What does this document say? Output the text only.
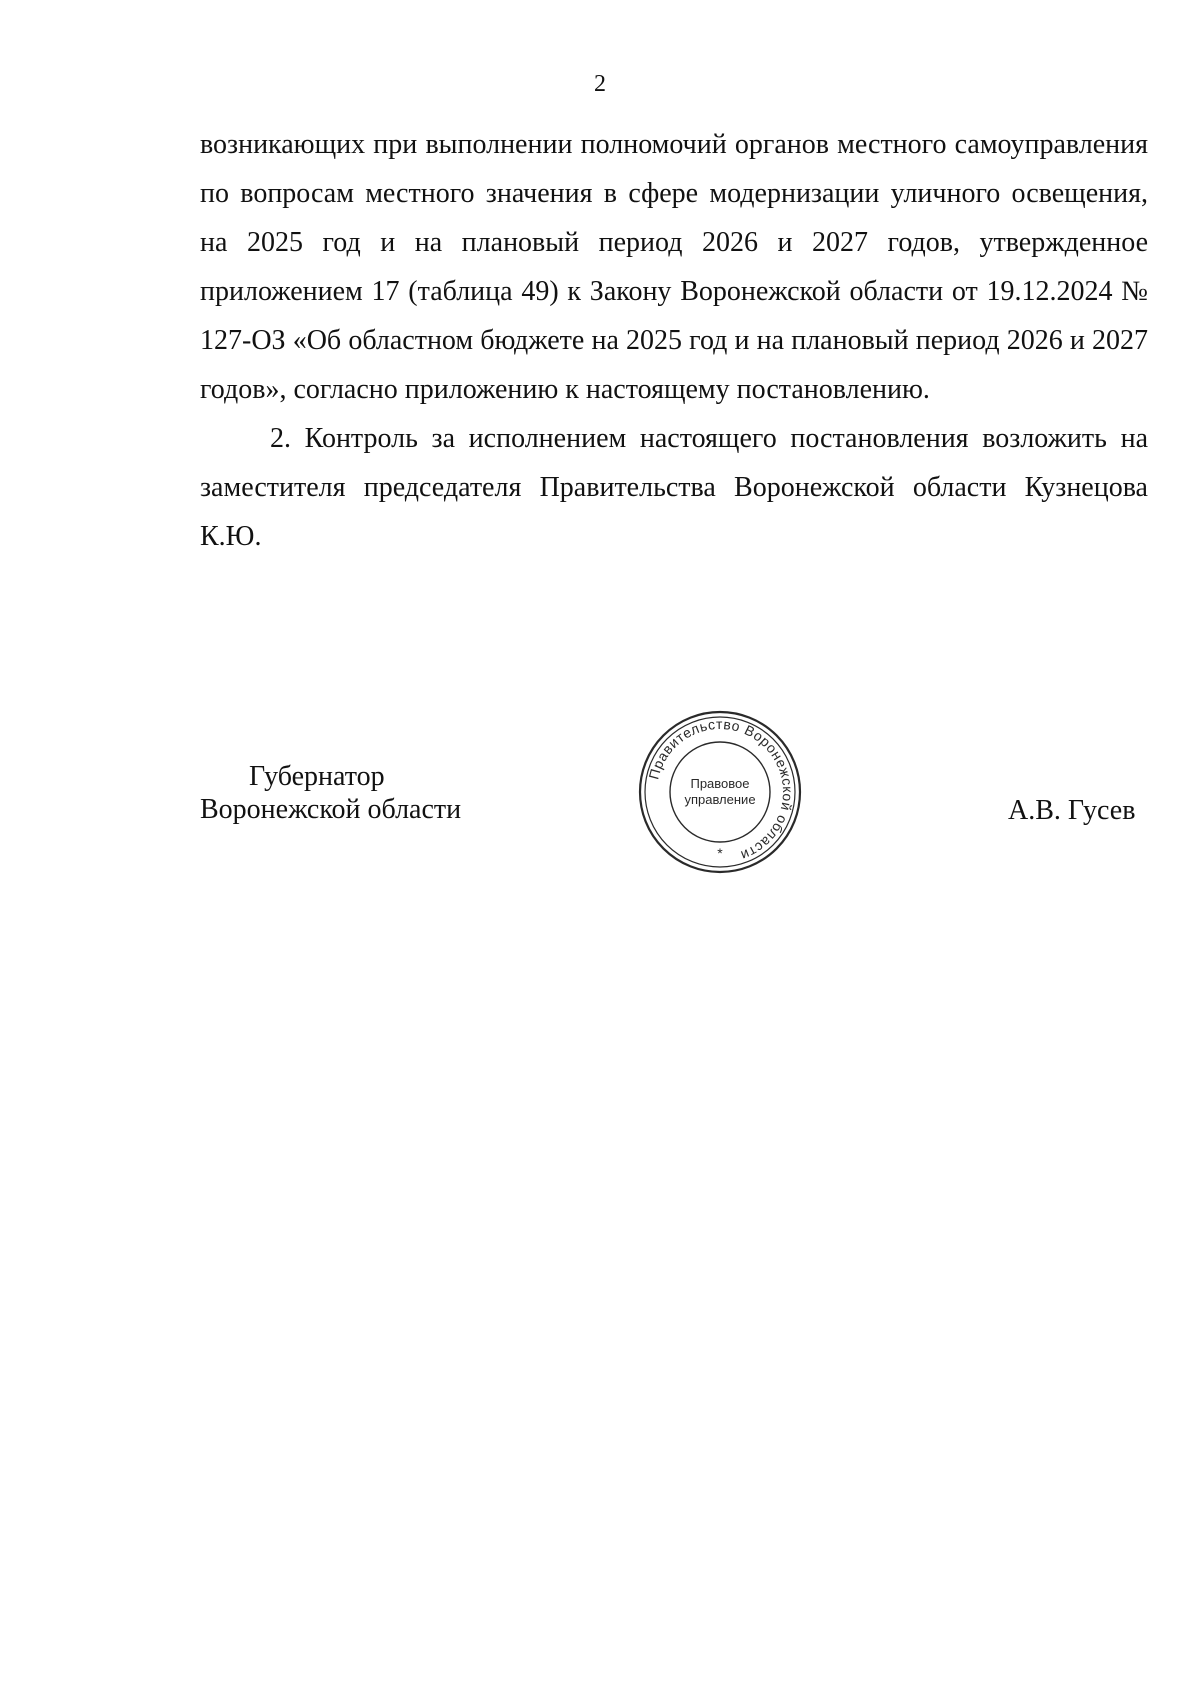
2

возникающих при выполнении полномочий органов местного самоуправления по вопросам местного значения в сфере модернизации уличного освещения, на 2025 год и на плановый период 2026 и 2027 годов, утвержденное приложением 17 (таблица 49) к Закону Воронежской области от 19.12.2024 № 127-ОЗ «Об областном бюджете на 2025 год и на плановый период 2026 и 2027 годов», согласно приложению к настоящему постановлению.

2. Контроль за исполнением настоящего постановления возложить на заместителя председателя Правительства Воронежской области Кузнецова К.Ю.

Губернатор
Воронежской области
Правительство Воронежской области
Правовое
управление
*
А.В. Гусев
